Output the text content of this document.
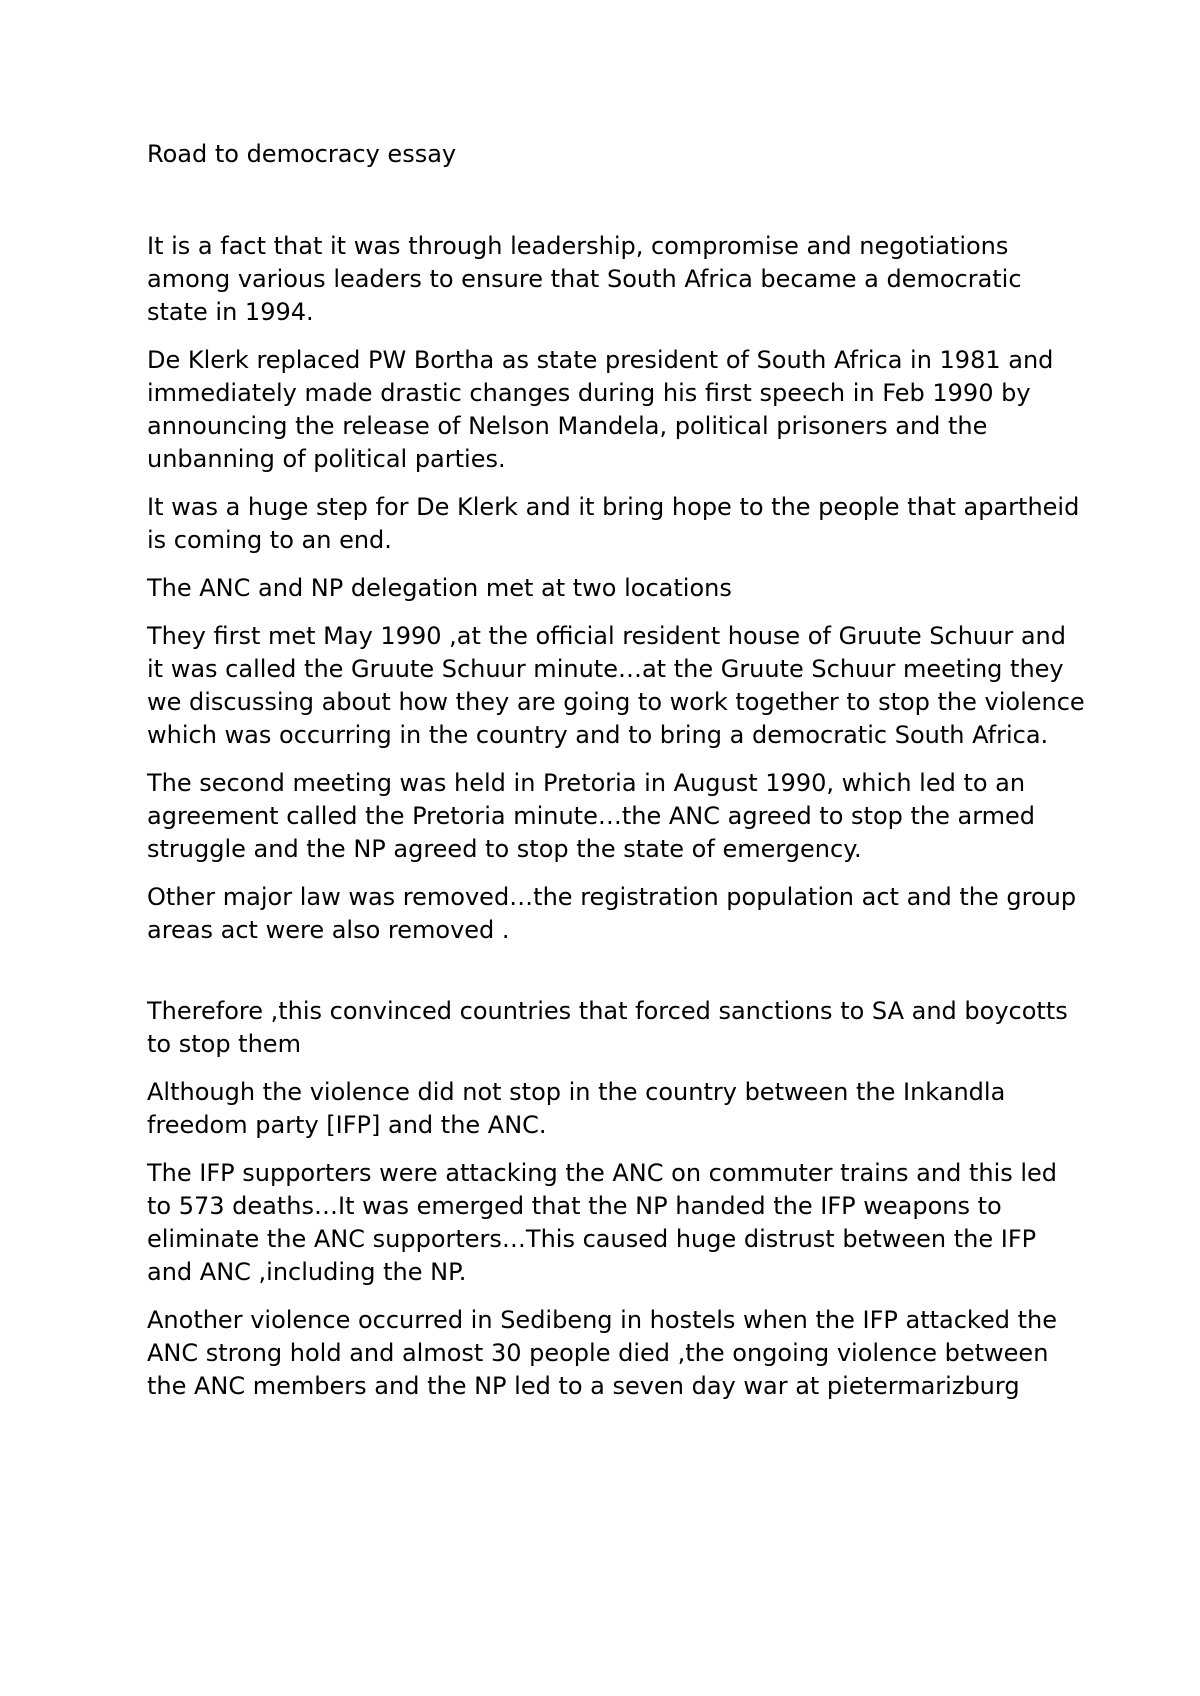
Road to democracy essay

It is a fact that it was through leadership, compromise and negotiations among various leaders to ensure that South Africa became a democratic state in 1994.

De Klerk replaced PW Bortha as state president of South Africa in 1981 and immediately made drastic changes during his first speech in Feb 1990 by announcing the release of Nelson Mandela, political prisoners and the unbanning of political parties.

It was a huge step for De Klerk and it bring hope to the people that apartheid is coming to an end.

The ANC and NP delegation met at two locations

They first met May 1990 ,at the official resident house of Gruute Schuur and it was called the Gruute Schuur minute…at the Gruute Schuur meeting they we discussing about how they are going to work together to stop the violence which was occurring in the country and to bring a democratic South Africa.

The second meeting was held in Pretoria in August 1990, which led to an agreement called the Pretoria minute…the ANC agreed to stop the armed struggle and the NP agreed to stop the state of emergency.

Other major law was removed…the registration population act and the group areas act were also removed .

Therefore ,this convinced countries that forced sanctions to SA and boycotts to stop them

Although the violence did not stop in the country between the Inkandla freedom party [IFP] and the ANC.

The IFP supporters were attacking the ANC on commuter trains and this led to 573 deaths…It was emerged that the NP handed the IFP weapons to eliminate the ANC supporters…This caused huge distrust between the IFP and ANC ,including the NP.

Another violence occurred in Sedibeng in hostels when the IFP attacked the ANC strong hold and almost 30 people died ,the ongoing violence between the ANC members and the NP led to a seven day war at pietermarizburg
